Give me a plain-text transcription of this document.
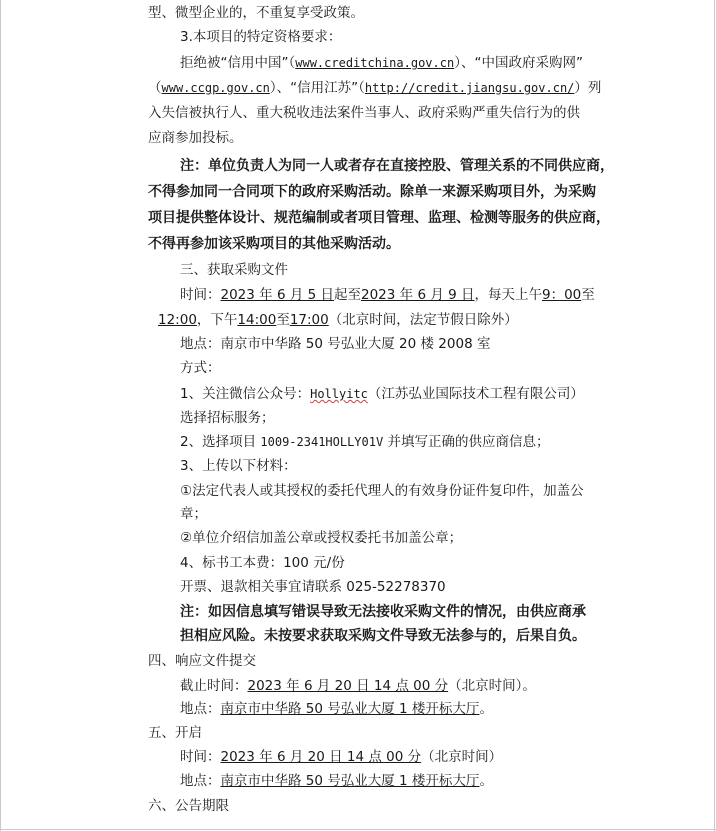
型、微型企业的，不重复享受政策。
3.本项目的特定资格要求：
拒绝被“信用中国”（www.creditchina.gov.cn）、“中国政府采购网”
（www.ccgp.gov.cn）、“信用江苏”（http://credit.jiangsu.gov.cn/）列
入失信被执行人、重大税收违法案件当事人、政府采购严重失信行为的供
应商参加投标。
注：单位负责人为同一人或者存在直接控股、管理关系的不同供应商，
不得参加同一合同项下的政府采购活动。除单一来源采购项目外，为采购
项目提供整体设计、规范编制或者项目管理、监理、检测等服务的供应商，
不得再参加该采购项目的其他采购活动。
三、获取采购文件
时间：2023 年 6 月 5 日起至2023 年 6 月 9 日，每天上午9：00至
12:00，下午14:00至17:00（北京时间，法定节假日除外）
地点：南京市中华路 50 号弘业大厦 20 楼 2008 室
方式：
1、关注微信公众号：Hollyitc（江苏弘业国际技术工程有限公司）
选择招标服务；
2、选择项目 1009-2341HOLLY01V 并填写正确的供应商信息；
3、上传以下材料：
①法定代表人或其授权的委托代理人的有效身份证件复印件，加盖公
章；
②单位介绍信加盖公章或授权委托书加盖公章；
4、标书工本费：100 元/份
开票、退款相关事宜请联系 025-52278370
注：如因信息填写错误导致无法接收采购文件的情况，由供应商承
担相应风险。未按要求获取采购文件导致无法参与的，后果自负。
四、响应文件提交
截止时间：2023 年 6 月 20 日 14 点 00 分（北京时间）。
地点：南京市中华路 50 号弘业大厦 1 楼开标大厅。
五、开启
时间：2023 年 6 月 20 日 14 点 00 分（北京时间）
地点：南京市中华路 50 号弘业大厦 1 楼开标大厅。
六、公告期限
